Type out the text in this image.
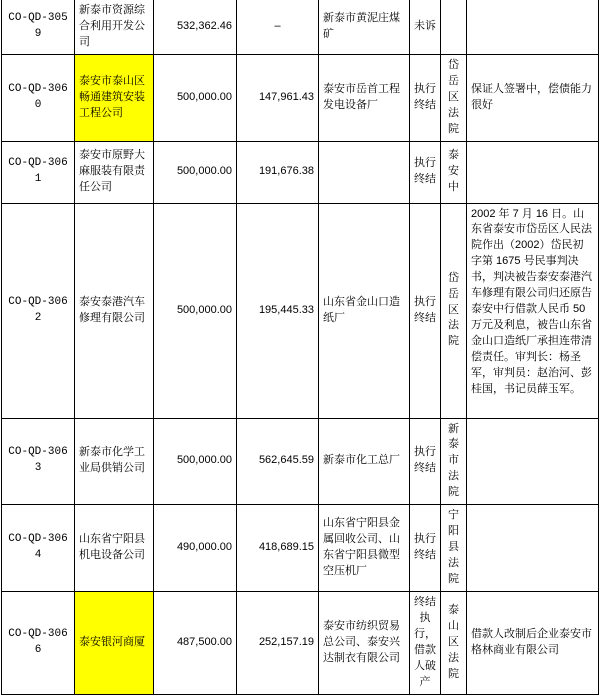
CO-QD-3059	新泰市资源综合利用开发公司	532,362.46	–	新泰市黄泥庄煤矿	未诉		
CO-QD-3060	泰安市泰山区畅通建筑安装工程公司	500,000.00	147,961.43	泰安市岳首工程发电设备厂	执行终结	岱岳区法院	保证人签署中，偿债能力很好
CO-QD-3061	泰安市原野大麻服装有限责任公司	500,000.00	191,676.38		执行终结	泰安中	
CO-QD-3062	泰安泰港汽车修理有限公司	500,000.00	195,445.33	山东省金山口造纸厂	执行终结	岱岳区法院	2002 年 7 月 16 日。山东省泰安市岱岳区人民法院作出（2002）岱民初字第 1675 号民事判决书，判决被告泰安泰港汽车修理有限公司归还原告泰安中行借款人民币 50 万元及利息，被告山东省金山口造纸厂承担连带清偿责任。审判长：杨圣军，审判员：赵治河、彭桂国，书记员薛玉军。
CO-QD-3063	新泰市化学工业局供销公司	500,000.00	562,645.59	新泰市化工总厂	执行终结	新泰市法院	
CO-QD-3064	山东省宁阳县机电设备公司	490,000.00	418,689.15	山东省宁阳县金属回收公司、山东省宁阳县微型空压机厂	执行终结	宁阳县法院	
CO-QD-3066	泰安银河商厦	487,500.00	252,157.19	泰安市纺织贸易总公司、泰安兴达制衣有限公司	终结执行，借款人破产	泰山区法院	借款人改制后企业泰安市格林商业有限公司
